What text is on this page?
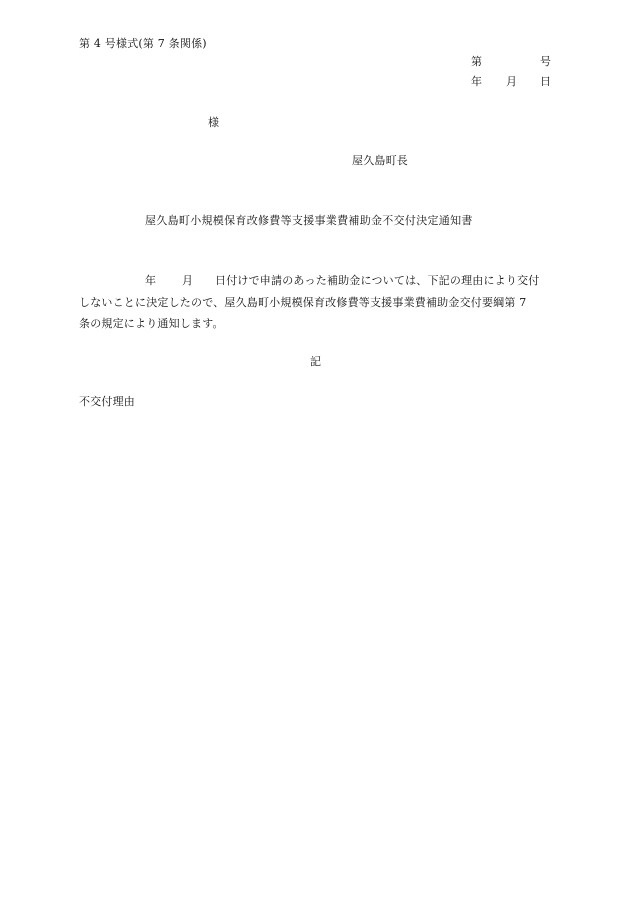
第 4 号様式(第 7 条関係)
第	号
年 月 日
様
屋久島町長
屋久島町小規模保育改修費等支援事業費補助金不交付決定通知書
年 月 日付けで申請のあった補助金については、下記の理由により交付
しないことに決定したので、屋久島町小規模保育改修費等支援事業費補助金交付要綱第 7
条の規定により通知します。
記
不交付理由
